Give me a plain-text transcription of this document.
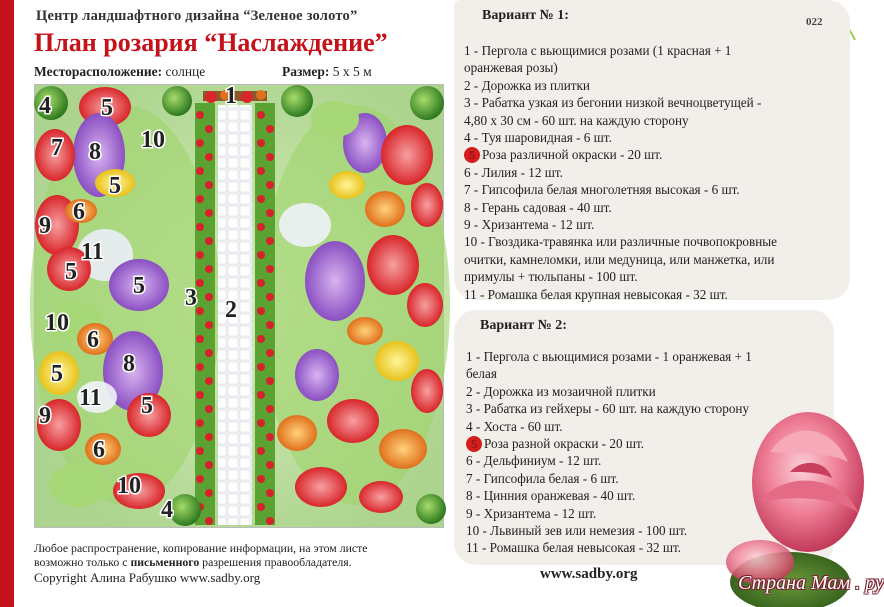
Центр ландшафтного дизайна “Зеленое золото”
План розария “Наслаждение”
Месторасположение: солнце	Размер: 5 x 5 м
1
2
3
4
4
5
5
5
5
5
5
6
6
6
7 8
8
9
9
10
10
10
11
11
Любое распространение, копирование информации, на этом листе
возможно только с письменного разрешения правообладателя.
Copyright Алина Рабушко www.sadby.org
Вариант № 1:
1 - Пергола с вьющимися розами (1 красная + 1
оранжевая розы)
2 - Дорожка из плитки
3 - Рабатка узкая из бегонии низкой вечноцветущей -
4,80 x 30 см - 60 шт. на каждую сторону
4 - Туя шаровидная - 6 шт.
5 Роза различной окраски - 20 шт.
6 - Лилия - 12 шт.
7 - Гипсофила белая многолетняя высокая - 6 шт.
8 - Герань садовая - 40 шт.
9 - Хризантема - 12 шт.
10 - Гвоздика-травянка или различные почвопокровные
очитки, камнеломки, или медуница, или манжетка, или
примулы + тюльпаны - 100 шт.
11 - Ромашка белая крупная невысокая - 32 шт.
022
Вариант № 2:
1 - Пергола с вьющимися розами - 1 оранжевая + 1
белая
2 - Дорожка из мозаичной плитки
3 - Рабатка из гейхеры - 60 шт. на каждую сторону
4 - Хоста - 60 шт.
5 Роза разной окраски - 20 шт.
6 - Дельфиниум - 12 шт.
7 - Гипсофила белая - 6 шт.
8 - Цинния оранжевая - 40 шт.
9 - Хризантема - 12 шт.
10 - Львиный зев или немезия - 100 шт.
11 - Ромашка белая невысокая - 32 шт.
www.sadby.org	Страна Мам . ру
